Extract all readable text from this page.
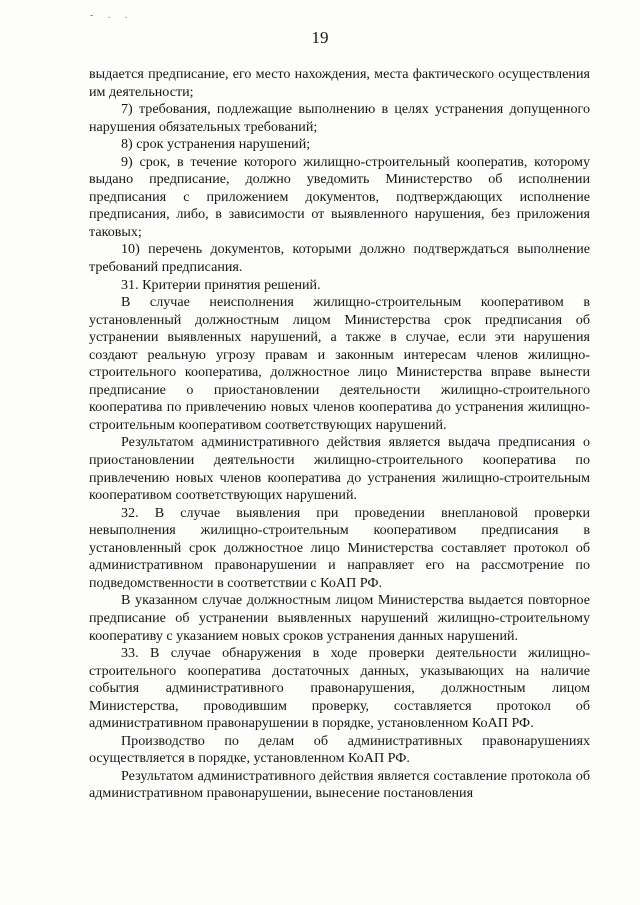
- . .
19

выдается предписание, его место нахождения, места фактического осуществления им деятельности;

7) требования, подлежащие выполнению в целях устранения допущенного нарушения обязательных требований;

8) срок устранения нарушений;

9) срок, в течение которого жилищно-строительный кооператив, которому выдано предписание, должно уведомить Министерство об исполнении предписания с приложением документов, подтверждающих исполнение предписания, либо, в зависимости от выявленного нарушения, без приложения таковых;

10) перечень документов, которыми должно подтверждаться выполнение требований предписания.

31. Критерии принятия решений.

В случае неисполнения жилищно-строительным кооперативом в установленный должностным лицом Министерства срок предписания об устранении выявленных нарушений, а также в случае, если эти нарушения создают реальную угрозу правам и законным интересам членов жилищно-строительного кооператива, должностное лицо Министерства вправе вынести предписание о приостановлении деятельности жилищно-строительного кооператива по привлечению новых членов кооператива до устранения жилищно-строительным кооперативом соответствующих нарушений.

Результатом административного действия является выдача предписания о приостановлении деятельности жилищно-строительного кооператива по привлечению новых членов кооператива до устранения жилищно-строительным кооперативом соответствующих нарушений.

32. В случае выявления при проведении внеплановой проверки невыполнения жилищно-строительным кооперативом предписания в установленный срок должностное лицо Министерства составляет протокол об административном правонарушении и направляет его на рассмотрение по подведомственности в соответствии с КоАП РФ.

В указанном случае должностным лицом Министерства выдается повторное предписание об устранении выявленных нарушений жилищно-строительному кооперативу с указанием новых сроков устранения данных нарушений.

33. В случае обнаружения в ходе проверки деятельности жилищно-строительного кооператива достаточных данных, указывающих на наличие события административного правонарушения, должностным лицом Министерства, проводившим проверку, составляется протокол об административном правонарушении в порядке, установленном КоАП РФ.

Производство по делам об административных правонарушениях осуществляется в порядке, установленном КоАП РФ.

Результатом административного действия является составление протокола об административном правонарушении, вынесение постановления
